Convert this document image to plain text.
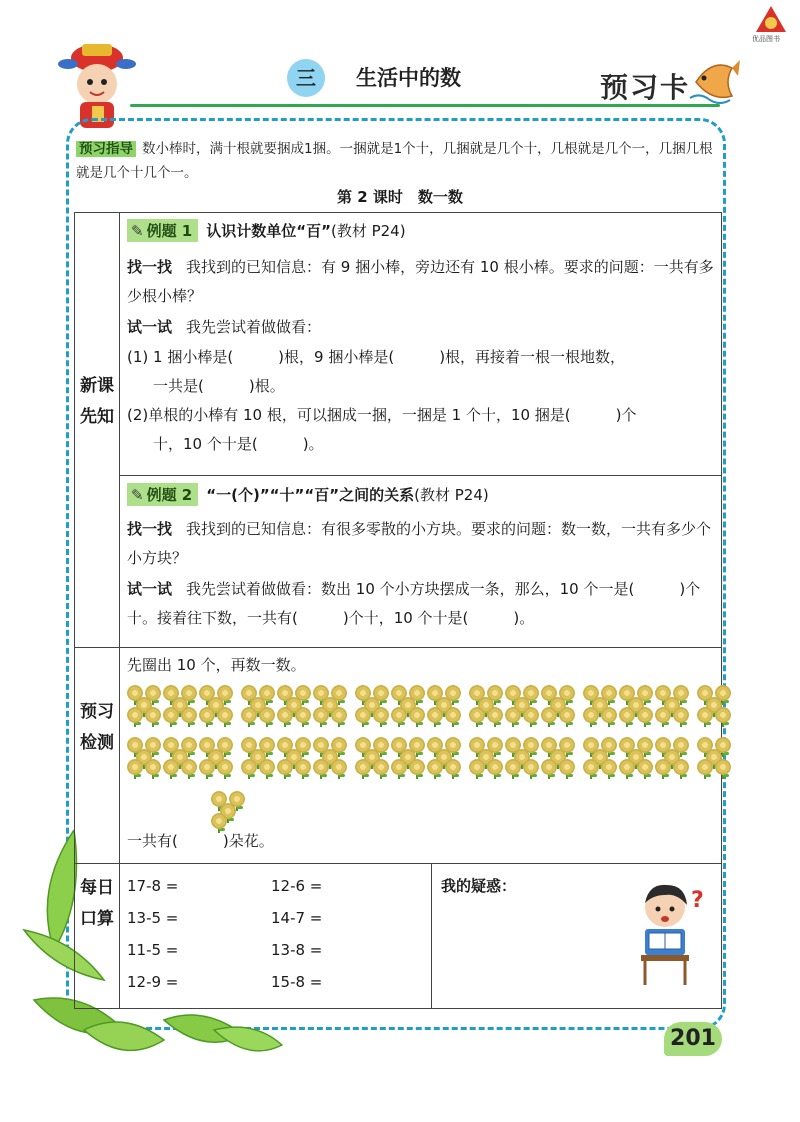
优品图书
三	生活中的数	预习卡
预习指导 数小棒时，满十根就要捆成1捆。一捆就是1个十，几捆就是几个十，几根就是几个一，几捆几根就是几个十几个一。
第 2 课时　数一数
新课先知
预习检测
每日口算
✎ 例题 1 认识计数单位“百”(教材 P24)
找一找 我找到的已知信息：有 9 捆小棒，旁边还有 10 根小棒。要求的问题：一共有多少根小棒？
试一试 我先尝试着做做看：
(1) 1 捆小棒是(　　　)根，9 捆小棒是(　　　)根，再接着一根一根地数，
一共是(　　　)根。
(2)单根的小棒有 10 根，可以捆成一捆，一捆是 1 个十，10 捆是(　　　)个
十，10 个十是(　　　)。
✎ 例题 2 “一(个)”“十”“百”之间的关系(教材 P24)
找一找 我找到的已知信息：有很多零散的小方块。要求的问题：数一数，一共有多少个小方块？
试一试 我先尝试着做做看：数出 10 个小方块摆成一条，那么，10 个一是(　　　)个十。接着往下数，一共有(　　　)个十，10 个十是(　　　)。
先圈出 10 个，再数一数。
一共有(　　　)朵花。
17-8 =
13-5 =
11-5 =
12-9 =
12-6 =
14-7 =
13-8 =
15-8 =
我的疑惑：
?
201
